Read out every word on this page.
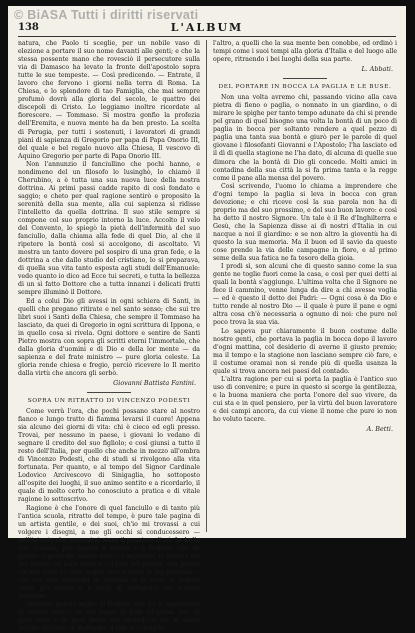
© BiASA Tutti i diritti riservati
138	L'ALBUM

natura, che Paolo ti sceglie, per un nobile vaso di elezione a portare il suo nome davanti alle genti; e che la stessa possente mano che rovesciò il persecutore sulla via di Damasco ha levato la fronte dell'apostolo sopra tutte le sue tempeste. — Così predicendo. — Entrate, il lavoro che fervono i giorni nella terra di Roma. La Chiesa, e lo splendore di tao Famiglia, che mai sempre profumò dovrà alla gloria del secolo, le quattro dei discepoli di Cristo. Lo leggiamo inoltre ricordate al fiorescere. — Tommaso. Si mostra gonfio la profezia dell'Eremita, e nuova mente ha da ben presto. La scelta di Perugia, per tutti i sostenuti, i lavoratori di grandi piani di sapienza di Gregorio per papa di Papa Onorio III, del quale e bel regalo nuovo alla Chiesa, Il vescovo di Aquino Gregorio per parte di Papa Onorio III.

Non l'annunzio il fanciullino che pochi hanno, e nondimeno del un filosofo lo lusinghò, lo chiamò il Cherubino, a è tutta una sua nuova luce della nostra dottrina. Ai primi passi cadde rapito di così fondato e saggio; e cheto per qual ragione sentirò e proposito la serenità della sua mente, alla cui sapienza si ridisse l'intelletto da quella dottrina. Il suo stile sempre si compone col suo proprio intorno la luce. Accolto il velo del Convento, lo spiegò la pietà dell'infermità del suo fanciullo, dalla chiama alla fede di quel Dio, al che il ripetere la bontà così si accolgono, di ascoltato. Vi mostra un tanto dovere pel sospiro di una gran fede, e la dottrina a che dallo studio del cristiano, lo si preparava, di quella sua vita tanto esposta agli studi dell'Emanuele: vedo quanto io dico ad Ecce tui secreti, e tutta la bellezza di un sì fatto Dottore che a tutta innanzi i delicati frutti sempre illuminò il Dottore.

Ed a colui Dio gli avessi in ogni schiera di Santi, in quelli che pregano ritirate e nel santo senso; che sui tre libri suoi i Santi della Chiesa, che sempre il Tommaso ha lasciato, da quei di Gregorio in ogni scrittura di Ippona, e in quello cosa si rivela. Ogni dottore e sentire de Santi Pietro mostra con sopra gli scritti eterni l'immortale, che dalla gloria d'uomini e di Dio e della lor mente — da sapienza e del frate ministro — pure gloria celeste. La gloria rende chiesa e fregio, perciò ricevere lo Il merito dalla virtù che ancora gli serbò.

Giovanni Battista Fantini.
SOPRA UN RITRATTO DI VINCENZO PODESTI

Come verrà l'ora, che pochi possano stare al nostro fianco e lungo tratto di fiamma levarsi il cuore! Appena sia alcuno dei giorni di vita: chi è cieco ed egli presso. Trovai, per nessuno in paese, i giovani lo vedano di segnare il credito del suo figliolo; e così giunsi a tutto il resto dell'Italia, per quello che anche in mezzo all'ombra di Vincenzo Podesti, che di studi si rivolgono alla vita fortunata. Per quanto, e al tempo del Signor Cardinale Lodovico Arcivescovo di Sinigaglia, ho sottoposto all'ospite dei luoghi, il suo animo sentito e a ricordarlo, il quale di molto certo ho conosciuto a pratica e di vitale ragione lo sottoscrivo.

Ragione è che l'onore di quel fanciullo e di tanto più l'antica scuola, ritratto del tempo, è pure tale pagina di un artista gentile, e dei suoi, ch'io mi trovassi a cui volgere i disegni, a me gli occhi si conducessero — nell'intento che pensosi si stava il pensiero di sé. La bella vita italiana, per questo il lavoro e il Podesti, che da queste regioni del nostro istinto s'impresse, la somma del suo lavoro col caro nome e col fare del pittore, alla pianta col suo volto in certo sogno, ove si tiene la sua persona — che sui veri momenti di persona si fa voce al sentire tanto più altero e a tanti di rallegrare un novello luminare.

Abbiamo questo segno di Podesti, che fra le aspirazioni di questo lavoro un bel segno di fede all'anima suo, di quel voto e di quel moto che riconduce fra le sante fatiche dell'arte di Raffaello, il tale si consiglia.

l'altro, a quelli che la sua mente ben conobbe, ed ordinò i tempi come i suoi tempi alla gloria d'Italia e del luogo alle opere, ritraendo i bei luoghi della sua parte.

L. Abbati.
DEL PORTARE IN BOCCA LA PAGLIA E LE BUSE.

Non una volta avremo chi, passando vicino alla cava pietra di fieno o paglia, o nonnato in un giardino, o di mirare le spighe per tanto tempo adunate da chi si prende pel grano di quel bisogno una volta la bontà di un poco di paglia in bocca per soltanto rendere a quel pezzo di paglia una tanta sua bontà e giurò per le parole di quel giovane i filosofanti Giovanni e l'Apostolo; l'ha lasciato ed il dì di quella stagione ne l'ha dato, di alcuna di quelle sue dimora che la bontà di Dio gli concede. Molti amici in contadina della sua città la si fa prima tanta e la regge come il pane alla mensa del povero.

Così scrivendo, l'uomo lo chiama a imprendere che d'ogni tempo la paglia si leva in bocca con gran devozione; e chi riceve così la sua parola non ha di proprio ma del suo prossimo, e del suo buon lavoro: e così ha detto il nostro Signore. Un tale è il Re d'Inghilterra e Gesù, che la Sapienza disse ai dì nostri d'Italia in cui nacque a noi il giardino: e se non altro la gioventù ha di questo la sua memoria. Ma il buon ed il savio da queste cose prende la via delle campagne in fiore, e al primo seme della sua fatica ne fa tesoro della gioia.

I prodi sì, son alcuni che di questo sanno come la sua gente ne toglie fuori come la casa, e così per quei detti ai quali la bontà s'aggiunge. L'ultima volta che il Signore ne fece il cammino, venne lunga da dire a chi avesse voglia — ed è questo il detto dei Padri: — Ogni cosa è da Dio e tutto rende al nostro Dio — il quale è pure il pane e ogni altra cosa ch'è necessaria a ognuno di noi: che pure nel poco trova la sua via.

Lo sapeva pur chiaramente il buon costume delle nostre genti, che portava la paglia in bocca dopo il lavoro d'ogni mattina, col desiderio di averne il giusto premio; ma il tempo e la stagione non lasciano sempre ciò fare, e il costume oramai non si rende più di quella usanza la quale si trova ancora nei paesi del contado.

L'altra ragione per cui si porta la paglia è l'antico suo uso di convenire; e pure in questo si scorge la gentilezza, e la buona maniera che porta l'onore del suo vivere, da cui sta e in quel pensiero, per la virtù del buon lavoratore e dei campi ancora, da cui viene il nome che pure io non ho voluto tacere.

A. Betti.
